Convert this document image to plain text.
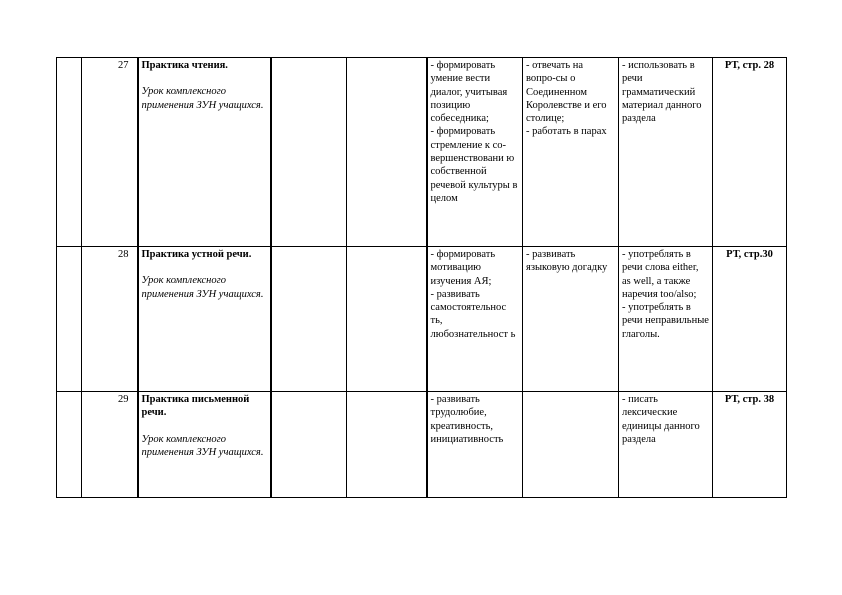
	27	Практика чтения.
Урок комплексного применения ЗУН учащихся.			- формировать умение вести диалог, учитывая позицию собеседника;
- формировать стремление к со-вершенствовани ю собственной речевой культуры в целом	- отвечать на вопро-сы о Соединенном Королевстве и его столице;
- работать в парах	- использовать в речи грамматический материал данного раздела	РТ, стр. 28
	28	Практика устной речи.
Урок комплексного применения ЗУН учащихся.			- формировать мотивацию изучения АЯ;
- развивать самостоятельнос ть, любознательност ь	- развивать языковую догадку	- употреблять в речи слова either, as well, а также наречия too/also;
- употреблять в речи неправильные глаголы.	РТ, стр.30
	29	Практика письменной речи.
Урок комплексного применения ЗУН учащихся.			- развивать трудолюбие, креативность, инициативность		- писать лексические единицы данного раздела	РТ, стр. 38
